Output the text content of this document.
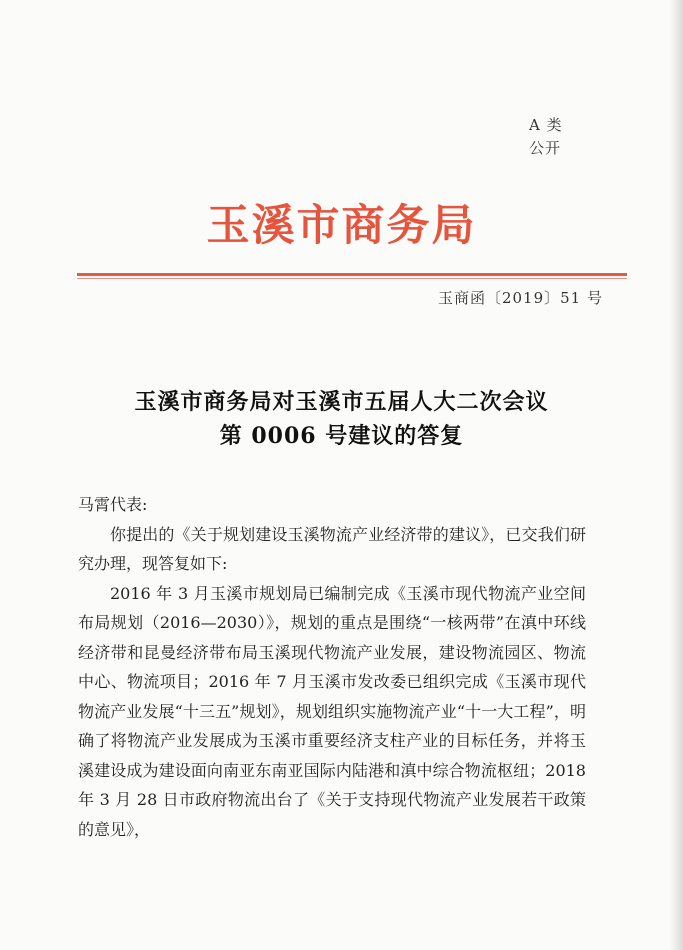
A 类
公开
玉溪市商务局
玉商函〔2019〕51 号
玉溪市商务局对玉溪市五届人大二次会议
第 0006 号建议的答复

马霄代表:

你提出的《关于规划建设玉溪物流产业经济带的建议》，已交我们研究办理，现答复如下:

2016 年 3 月玉溪市规划局已编制完成《玉溪市现代物流产业空间布局规划（2016—2030）》，规划的重点是围绕“一核两带”在滇中环线经济带和昆曼经济带布局玉溪现代物流产业发展，建设物流园区、物流中心、物流项目；2016 年 7 月玉溪市发改委已组织完成《玉溪市现代物流产业发展“十三五”规划》，规划组织实施物流产业“十一大工程”，明确了将物流产业发展成为玉溪市重要经济支柱产业的目标任务，并将玉溪建设成为建设面向南亚东南亚国际内陆港和滇中综合物流枢纽；2018 年 3 月 28 日市政府物流出台了《关于支持现代物流产业发展若干政策的意见》，
